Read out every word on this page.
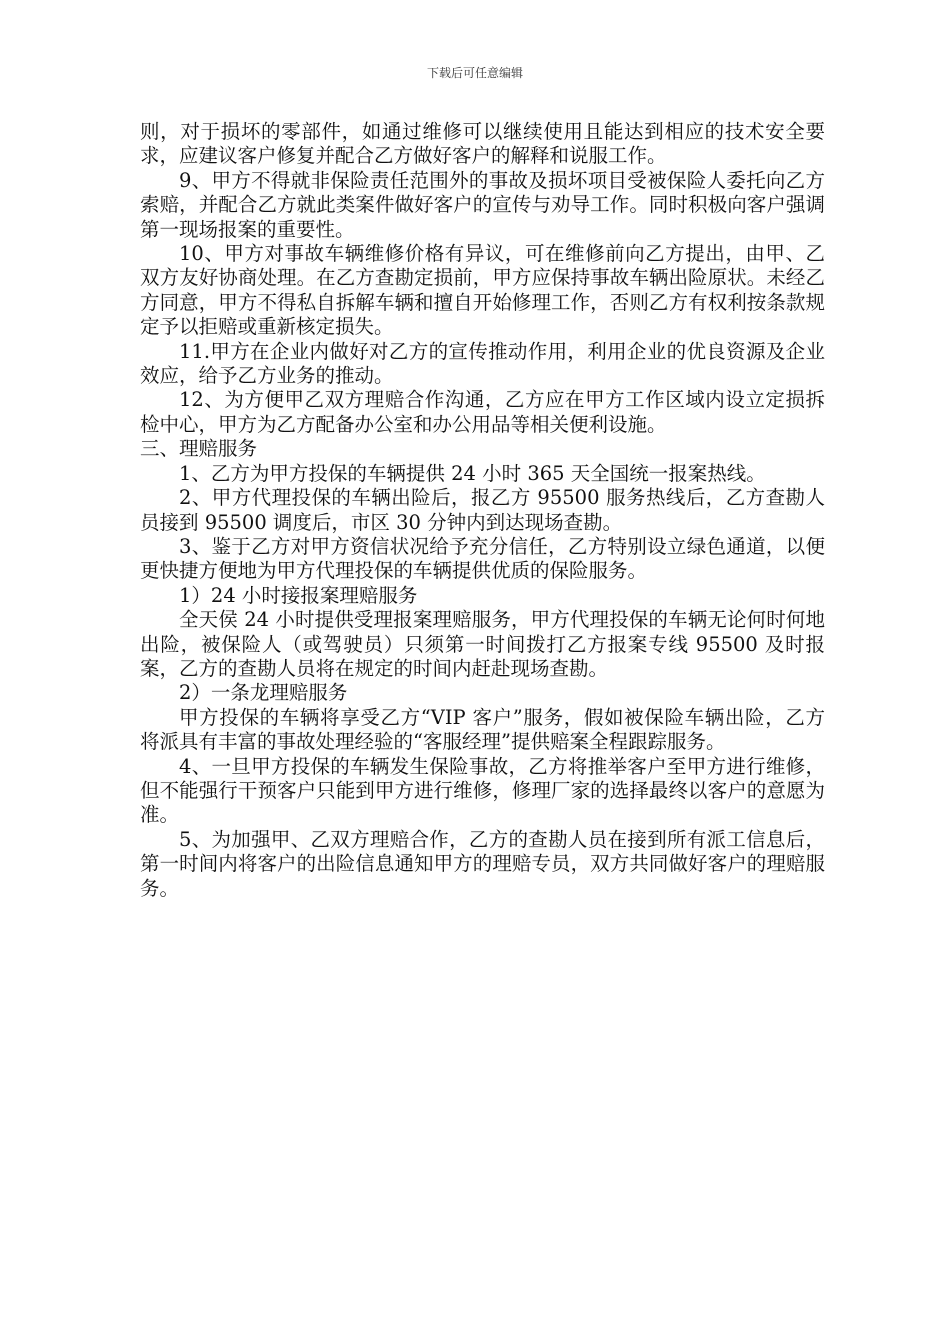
下载后可任意编辑

则，对于损坏的零部件，如通过维修可以继续使用且能达到相应的技术安全要求，应建议客户修复并配合乙方做好客户的解释和说服工作。

9、甲方不得就非保险责任范围外的事故及损坏项目受被保险人委托向乙方索赔，并配合乙方就此类案件做好客户的宣传与劝导工作。同时积极向客户强调第一现场报案的重要性。

10、甲方对事故车辆维修价格有异议，可在维修前向乙方提出，由甲、乙双方友好协商处理。在乙方查勘定损前，甲方应保持事故车辆出险原状。未经乙方同意，甲方不得私自拆解车辆和擅自开始修理工作，否则乙方有权利按条款规定予以拒赔或重新核定损失。

11.甲方在企业内做好对乙方的宣传推动作用，利用企业的优良资源及企业效应，给予乙方业务的推动。

12、为方便甲乙双方理赔合作沟通，乙方应在甲方工作区域内设立定损拆检中心，甲方为乙方配备办公室和办公用品等相关便利设施。

三、理赔服务

1、乙方为甲方投保的车辆提供 24 小时 365 天全国统一报案热线。

2、甲方代理投保的车辆出险后，报乙方 95500 服务热线后，乙方查勘人员接到 95500 调度后，市区 30 分钟内到达现场查勘。

3、鉴于乙方对甲方资信状况给予充分信任，乙方特别设立绿色通道，以便更快捷方便地为甲方代理投保的车辆提供优质的保险服务。

1）24 小时接报案理赔服务

全天侯 24 小时提供受理报案理赔服务，甲方代理投保的车辆无论何时何地出险，被保险人（或驾驶员）只须第一时间拨打乙方报案专线 95500 及时报案，乙方的查勘人员将在规定的时间内赶赴现场查勘。

2）一条龙理赔服务

甲方投保的车辆将享受乙方“VIP 客户”服务，假如被保险车辆出险，乙方将派具有丰富的事故处理经验的“客服经理”提供赔案全程跟踪服务。

4、一旦甲方投保的车辆发生保险事故，乙方将推举客户至甲方进行维修，但不能强行干预客户只能到甲方进行维修，修理厂家的选择最终以客户的意愿为准。

5、为加强甲、乙双方理赔合作，乙方的查勘人员在接到所有派工信息后，第一时间内将客户的出险信息通知甲方的理赔专员，双方共同做好客户的理赔服务。
